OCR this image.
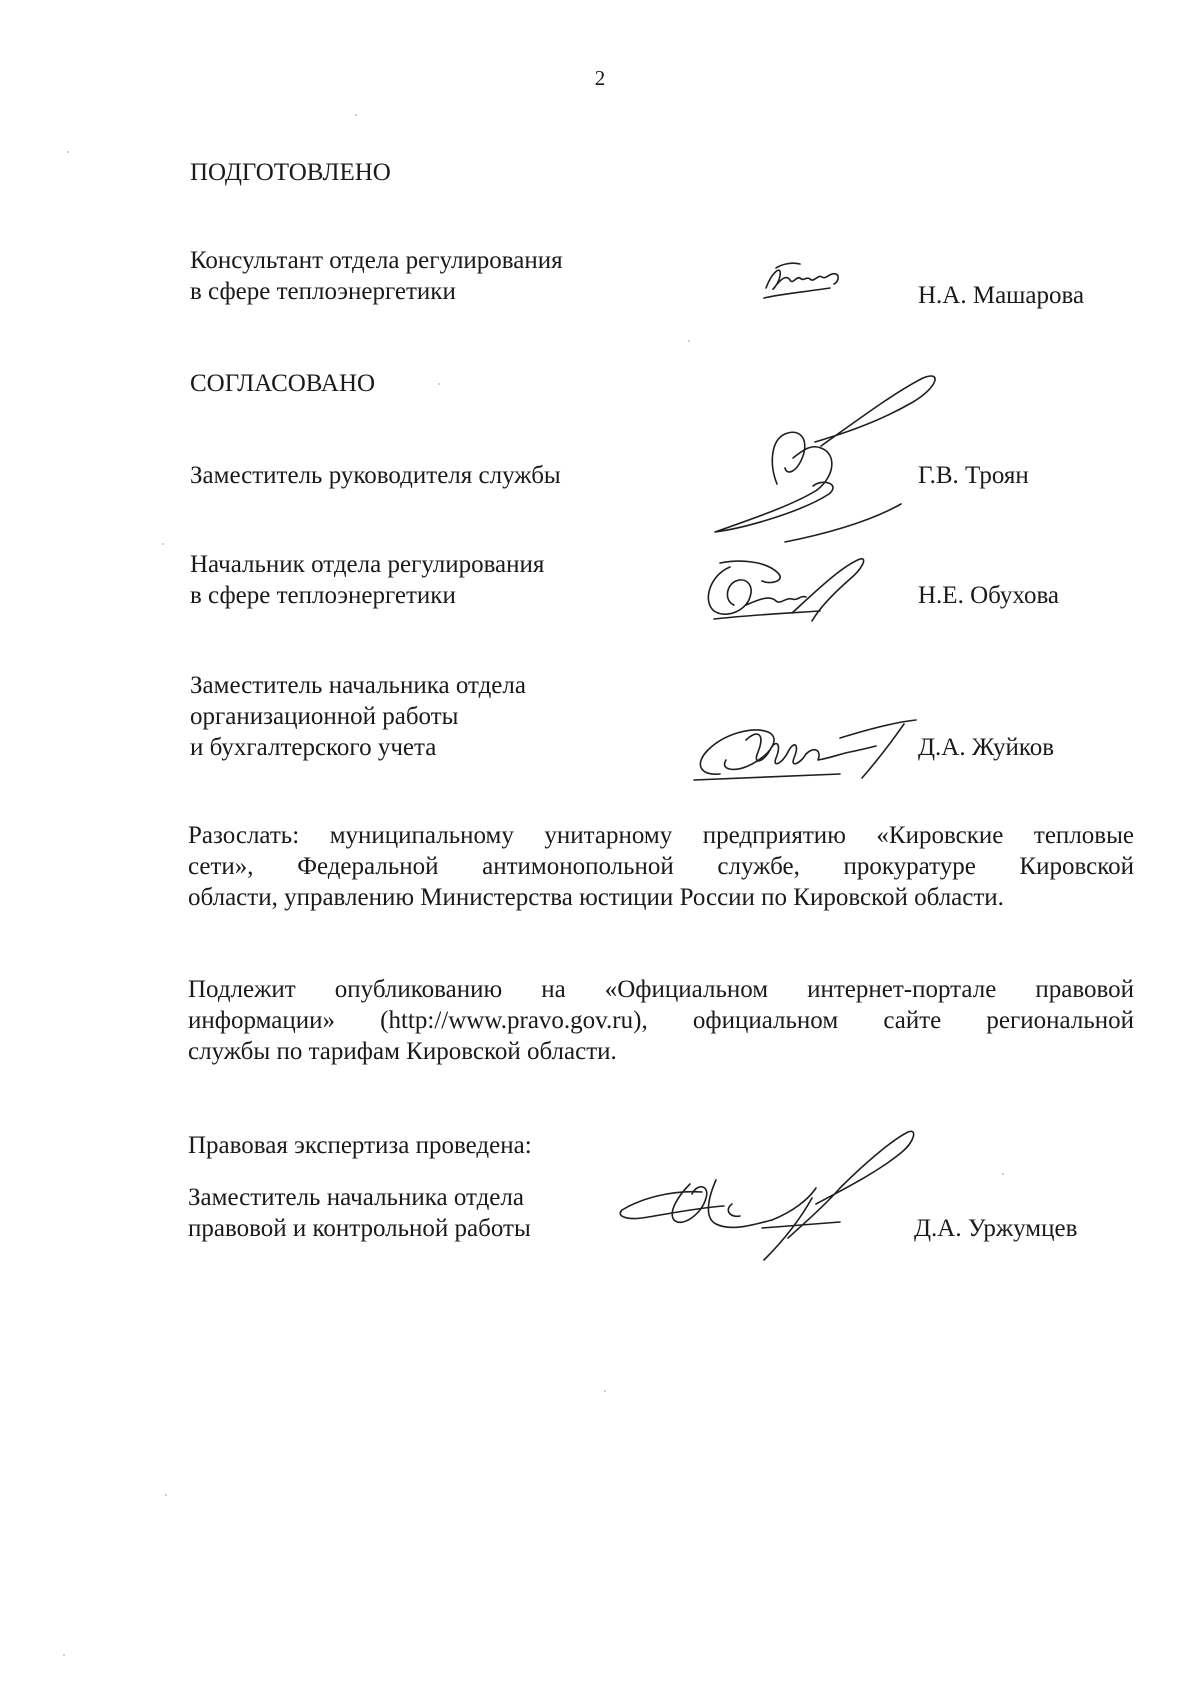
2
ПОДГОТОВЛЕНО
Консультант отдела регулирования
в сфере теплоэнергетики	Н.А. Машарова
СОГЛАСОВАНО
Заместитель руководителя службы	Г.В. Троян
Начальник отдела регулирования
в сфере теплоэнергетики	Н.Е. Обухова
Заместитель начальника отдела
организационной работы
и бухгалтерского учета	Д.А. Жуйков
Разослать: муниципальному унитарному предприятию «Кировские тепловые
сети», Федеральной антимонопольной службе, прокуратуре Кировской
области, управлению Министерства юстиции России по Кировской области.
Подлежит опубликованию на «Официальном интернет-портале правовой
информации» (http://www.pravo.gov.ru), официальном сайте региональной
службы по тарифам Кировской области.
Правовая экспертиза проведена:
Заместитель начальника отдела
правовой и контрольной работы	Д.А. Уржумцев
